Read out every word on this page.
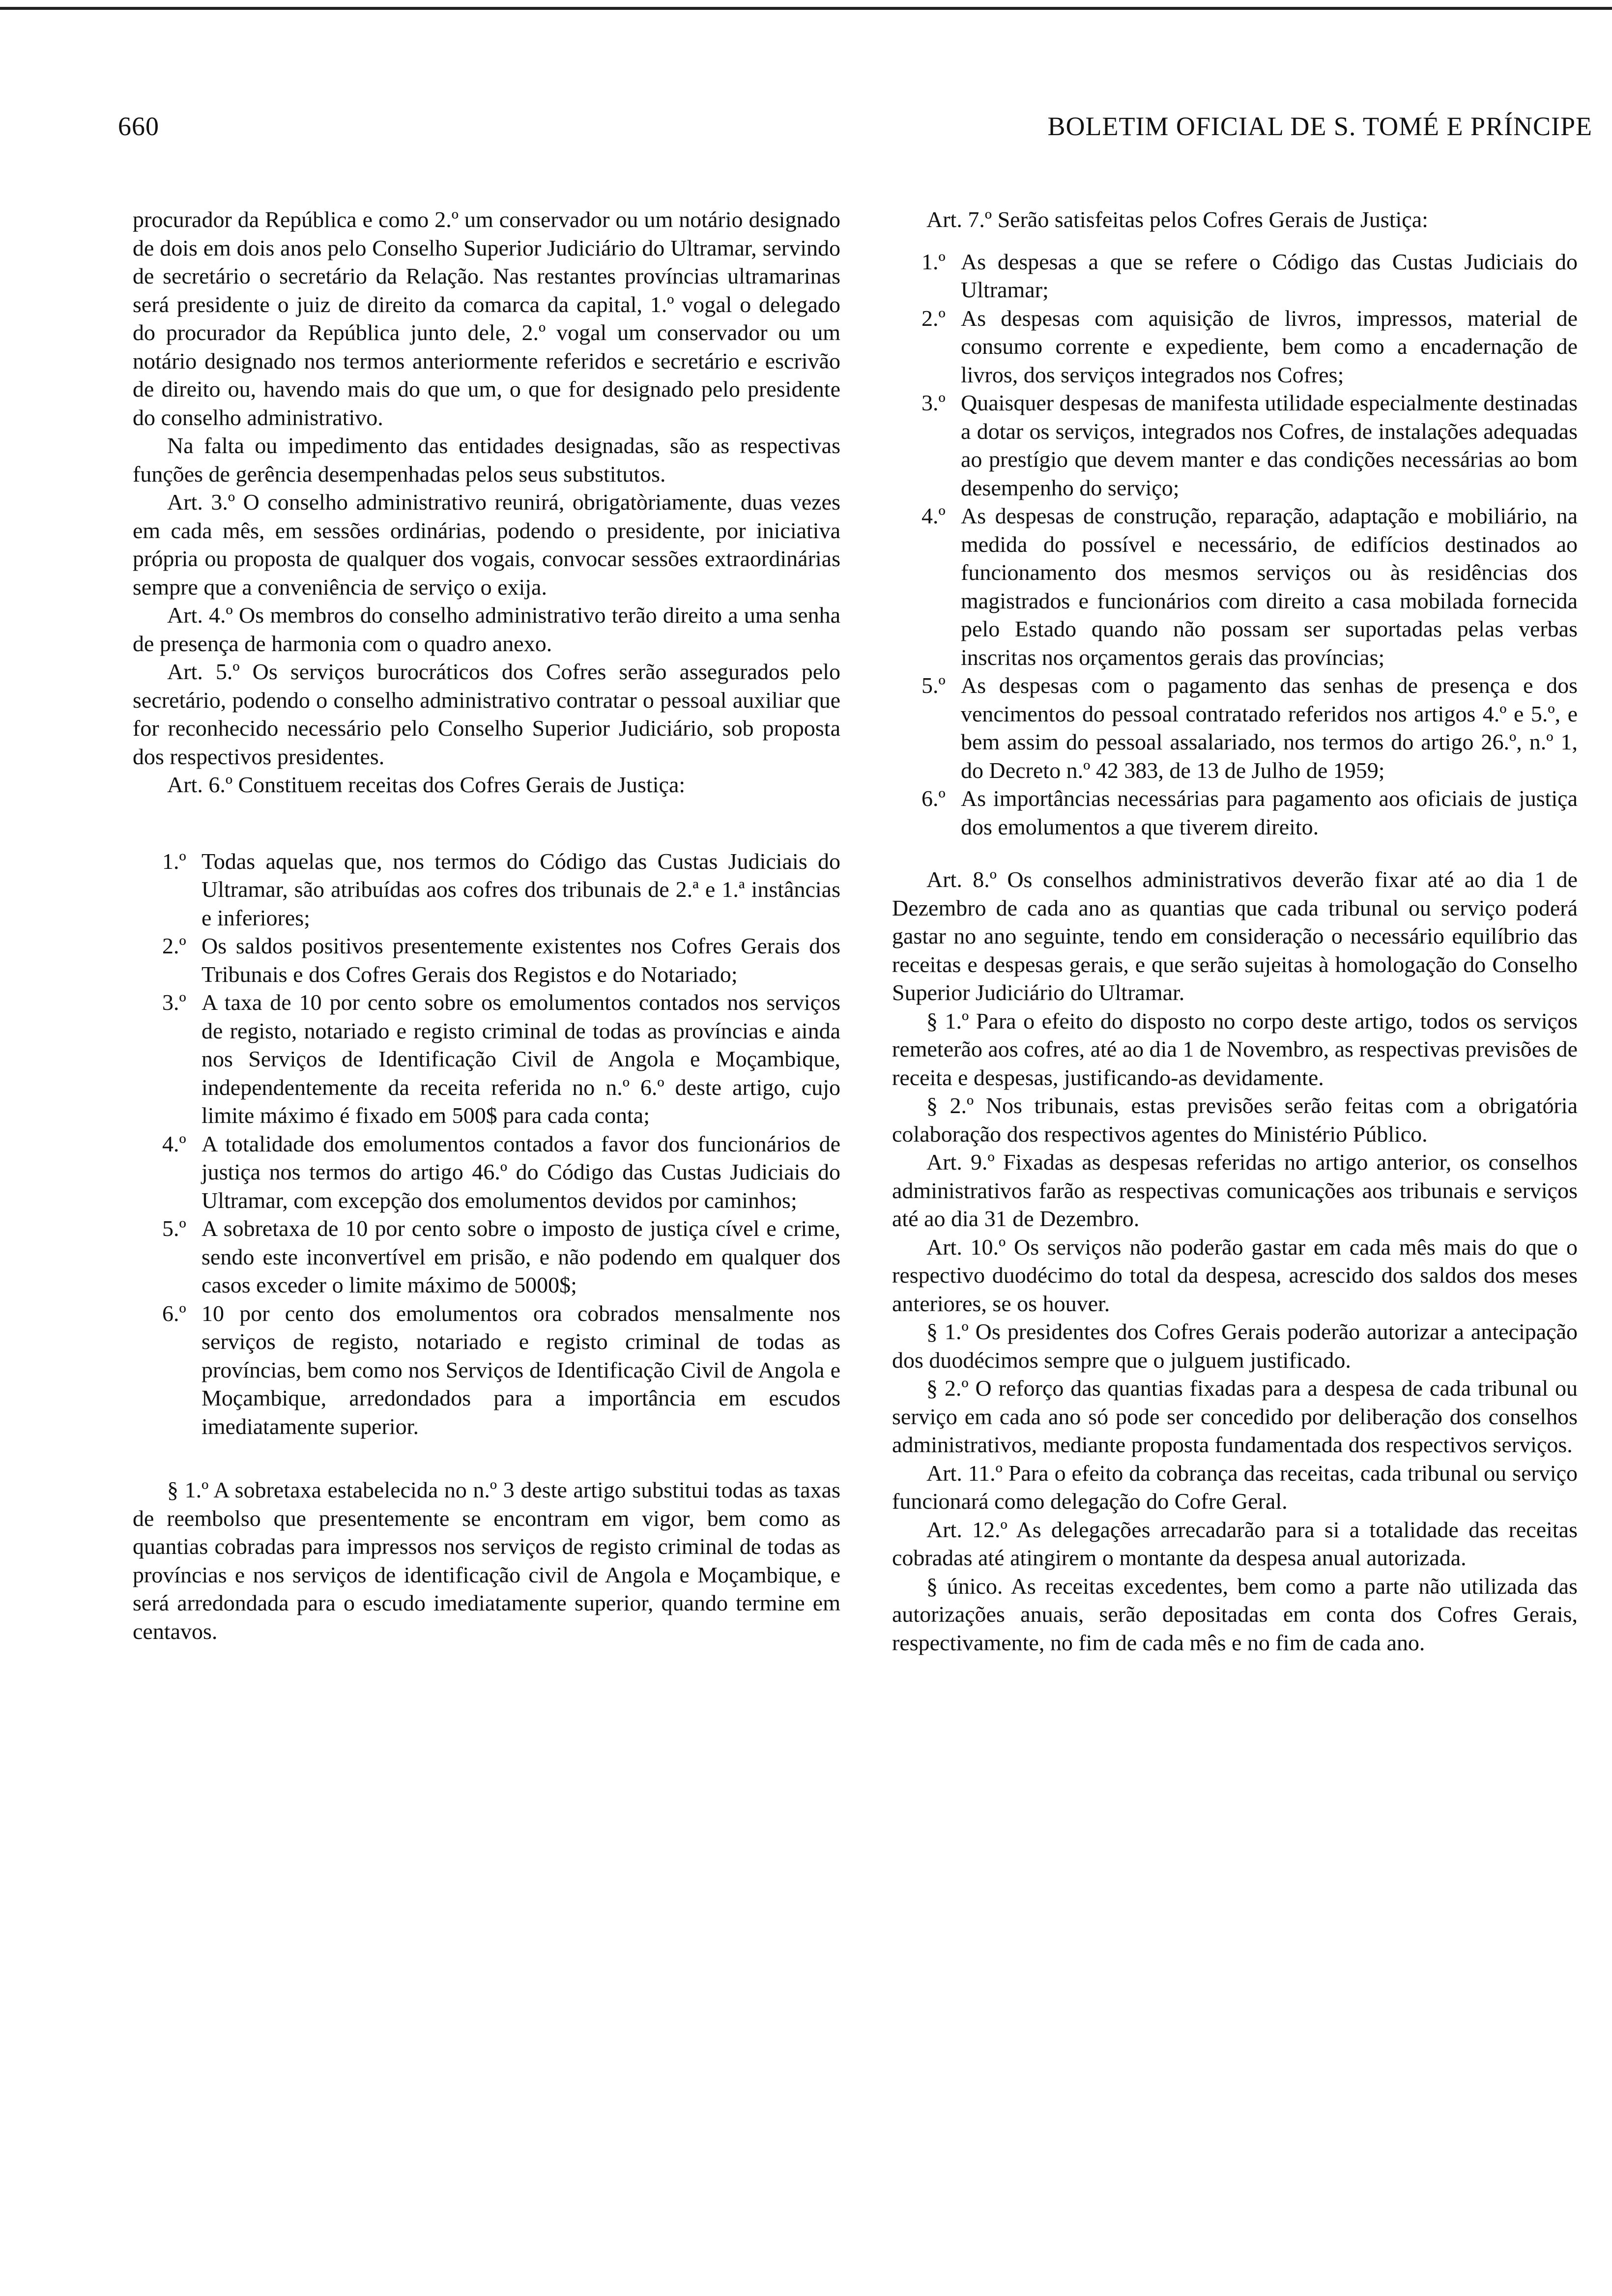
660	BOLETIM OFICIAL DE S. TOMÉ E PRÍNCIPE

procurador da República e como 2.º um conservador ou um notário designado de dois em dois anos pelo Conselho Superior Judiciário do Ultramar, servindo de secretário o secretário da Relação. Nas restantes províncias ultramarinas será presidente o juiz de direito da comarca da capital, 1.º vogal o delegado do procurador da República junto dele, 2.º vogal um conservador ou um notário designado nos termos anteriormente referidos e secretário e escrivão de direito ou, havendo mais do que um, o que for designado pelo presidente do conselho administrativo.

Na falta ou impedimento das entidades designadas, são as respectivas funções de gerência desempenhadas pelos seus substitutos.

Art. 3.º O conselho administrativo reunirá, obrigatòriamente, duas vezes em cada mês, em sessões ordinárias, podendo o presidente, por iniciativa própria ou proposta de qualquer dos vogais, convocar sessões extraordinárias sempre que a conveniência de serviço o exija.

Art. 4.º Os membros do conselho administrativo terão direito a uma senha de presença de harmonia com o quadro anexo.

Art. 5.º Os serviços burocráticos dos Cofres serão assegurados pelo secretário, podendo o conselho administrativo contratar o pessoal auxiliar que for reconhecido necessário pelo Conselho Superior Judiciário, sob proposta dos respectivos presidentes.

Art. 6.º Constituem receitas dos Cofres Gerais de Justiça:

1.º Todas aquelas que, nos termos do Código das Custas Judiciais do Ultramar, são atribuídas aos cofres dos tribunais de 2.ª e 1.ª instâncias e inferiores;
2.º Os saldos positivos presentemente existentes nos Cofres Gerais dos Tribunais e dos Cofres Gerais dos Registos e do Notariado;
3.º A taxa de 10 por cento sobre os emolumentos contados nos serviços de registo, notariado e registo criminal de todas as províncias e ainda nos Serviços de Identificação Civil de Angola e Moçambique, independentemente da receita referida no n.º 6.º deste artigo, cujo limite máximo é fixado em 500$ para cada conta;
4.º A totalidade dos emolumentos contados a favor dos funcionários de justiça nos termos do artigo 46.º do Código das Custas Judiciais do Ultramar, com excepção dos emolumentos devidos por caminhos;
5.º A sobretaxa de 10 por cento sobre o imposto de justiça cível e crime, sendo este inconvertível em prisão, e não podendo em qualquer dos casos exceder o limite máximo de 5000$;
6.º 10 por cento dos emolumentos ora cobrados mensalmente nos serviços de registo, notariado e registo criminal de todas as províncias, bem como nos Serviços de Identificação Civil de Angola e Moçambique, arredondados para a importância em escudos imediatamente superior.

§ 1.º A sobretaxa estabelecida no n.º 3 deste artigo substitui todas as taxas de reembolso que presentemente se encontram em vigor, bem como as quantias cobradas para impressos nos serviços de registo criminal de todas as províncias e nos serviços de identificação civil de Angola e Moçambique, e será arredondada para o escudo imediatamente superior, quando termine em centavos.

Art. 7.º Serão satisfeitas pelos Cofres Gerais de Justiça:

1.º As despesas a que se refere o Código das Custas Judiciais do Ultramar;
2.º As despesas com aquisição de livros, impressos, material de consumo corrente e expediente, bem como a encadernação de livros, dos serviços integrados nos Cofres;
3.º Quaisquer despesas de manifesta utilidade especialmente destinadas a dotar os serviços, integrados nos Cofres, de instalações adequadas ao prestígio que devem manter e das condições necessárias ao bom desempenho do serviço;
4.º As despesas de construção, reparação, adaptação e mobiliário, na medida do possível e necessário, de edifícios destinados ao funcionamento dos mesmos serviços ou às residências dos magistrados e funcionários com direito a casa mobilada fornecida pelo Estado quando não possam ser suportadas pelas verbas inscritas nos orçamentos gerais das províncias;
5.º As despesas com o pagamento das senhas de presença e dos vencimentos do pessoal contratado referidos nos artigos 4.º e 5.º, e bem assim do pessoal assalariado, nos termos do artigo 26.º, n.º 1, do Decreto n.º 42 383, de 13 de Julho de 1959;
6.º As importâncias necessárias para pagamento aos oficiais de justiça dos emolumentos a que tiverem direito.

Art. 8.º Os conselhos administrativos deverão fixar até ao dia 1 de Dezembro de cada ano as quantias que cada tribunal ou serviço poderá gastar no ano seguinte, tendo em consideração o necessário equilíbrio das receitas e despesas gerais, e que serão sujeitas à homologação do Conselho Superior Judiciário do Ultramar.

§ 1.º Para o efeito do disposto no corpo deste artigo, todos os serviços remeterão aos cofres, até ao dia 1 de Novembro, as respectivas previsões de receita e despesas, justificando-as devidamente.

§ 2.º Nos tribunais, estas previsões serão feitas com a obrigatória colaboração dos respectivos agentes do Ministério Público.

Art. 9.º Fixadas as despesas referidas no artigo anterior, os conselhos administrativos farão as respectivas comunicações aos tribunais e serviços até ao dia 31 de Dezembro.

Art. 10.º Os serviços não poderão gastar em cada mês mais do que o respectivo duodécimo do total da despesa, acrescido dos saldos dos meses anteriores, se os houver.

§ 1.º Os presidentes dos Cofres Gerais poderão autorizar a antecipação dos duodécimos sempre que o julguem justificado.

§ 2.º O reforço das quantias fixadas para a despesa de cada tribunal ou serviço em cada ano só pode ser concedido por deliberação dos conselhos administrativos, mediante proposta fundamentada dos respectivos serviços.

Art. 11.º Para o efeito da cobrança das receitas, cada tribunal ou serviço funcionará como delegação do Cofre Geral.

Art. 12.º As delegações arrecadarão para si a totalidade das receitas cobradas até atingirem o montante da despesa anual autorizada.

§ único. As receitas excedentes, bem como a parte não utilizada das autorizações anuais, serão depositadas em conta dos Cofres Gerais, respectivamente, no fim de cada mês e no fim de cada ano.
